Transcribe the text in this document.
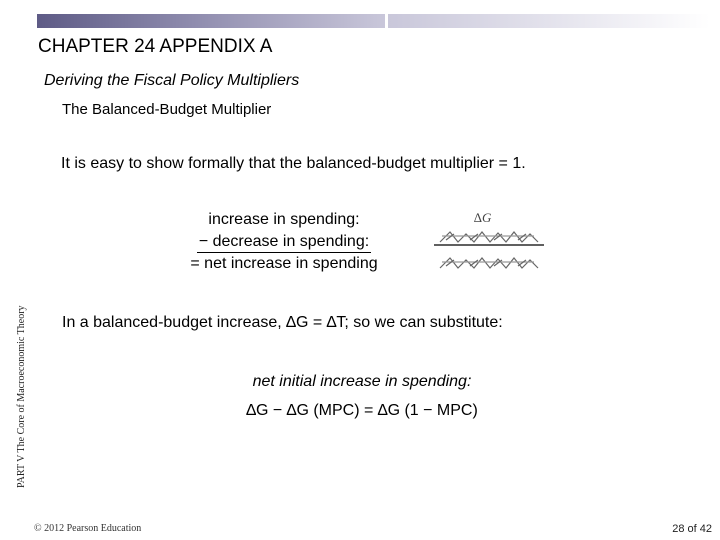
CHAPTER 24 APPENDIX A
Deriving the Fiscal Policy Multipliers
The Balanced-Budget Multiplier
It is easy to show formally that the balanced-budget multiplier = 1.
increase in spending:
− decrease in spending:
= net increase in spending
∆G
In a balanced-budget increase, ∆G = ∆T; so we can substitute:
net initial increase in spending:
∆G − ∆G (MPC) = ∆G (1 − MPC)
PART V The Core of Macroeconomic Theory
© 2012 Pearson Education	28 of 42
